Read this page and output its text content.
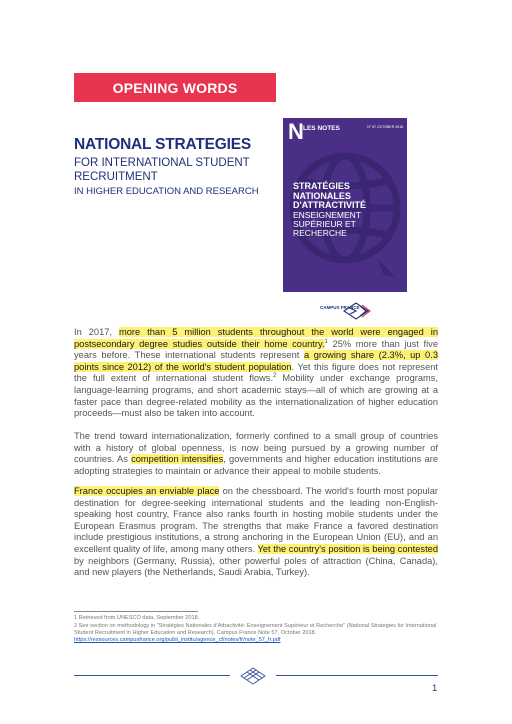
OPENING WORDS
NATIONAL STRATEGIES
FOR INTERNATIONAL STUDENT RECRUITMENT
IN HIGHER EDUCATION AND RESEARCH
N LES NOTES	N° 57 OCTOBER 2018
STRATÉGIES NATIONALES D'ATTRACTIVITÉ
ENSEIGNEMENT SUPÉRIEUR ET RECHERCHE
CAMPUS FRANCE

In 2017, more than 5 million students throughout the world were engaged in postsecondary degree studies outside their home country.$^1$ 25% more than just five years before. These international students represent a growing share (2.3%, up 0.3 points since 2012) of the world's student population. Yet this figure does not represent the full extent of international student flows.$^2$ Mobility under exchange programs, language-learning programs, and short academic stays—all of which are growing at a faster pace than degree-related mobility as the internationalization of higher education proceeds—must also be taken into account.

The trend toward internationalization, formerly confined to a small group of countries with a history of global openness, is now being pursued by a growing number of countries. As competition intensifies, governments and higher education institutions are adopting strategies to maintain or advance their appeal to mobile students.

France occupies an enviable place on the chessboard. The world's fourth most popular destination for degree-seeking international students and the leading non-English-speaking host country, France also ranks fourth in hosting mobile students under the European Erasmus program. The strengths that make France a favored destination include prestigious institutions, a strong anchoring in the European Union (EU), and an excellent quality of life, among many others. Yet the country's position is being contested by neighbors (Germany, Russia), other powerful poles of attraction (China, Canada), and new players (the Netherlands, Saudi Arabia, Turkey).

1 Retrieved from UNESCO data, September 2018.

2 See section on methodology in "Stratégies Nationales d'Attractivité: Enseignement Supérieur et Recherche" (National Strategies for International Student Recruitment in Higher Education and Research), Campus France Note 57, October 2018. https://ressources.campusfrance.org/publi_institu/agence_cf/notes/fr/note_57_fr.pdf

1
